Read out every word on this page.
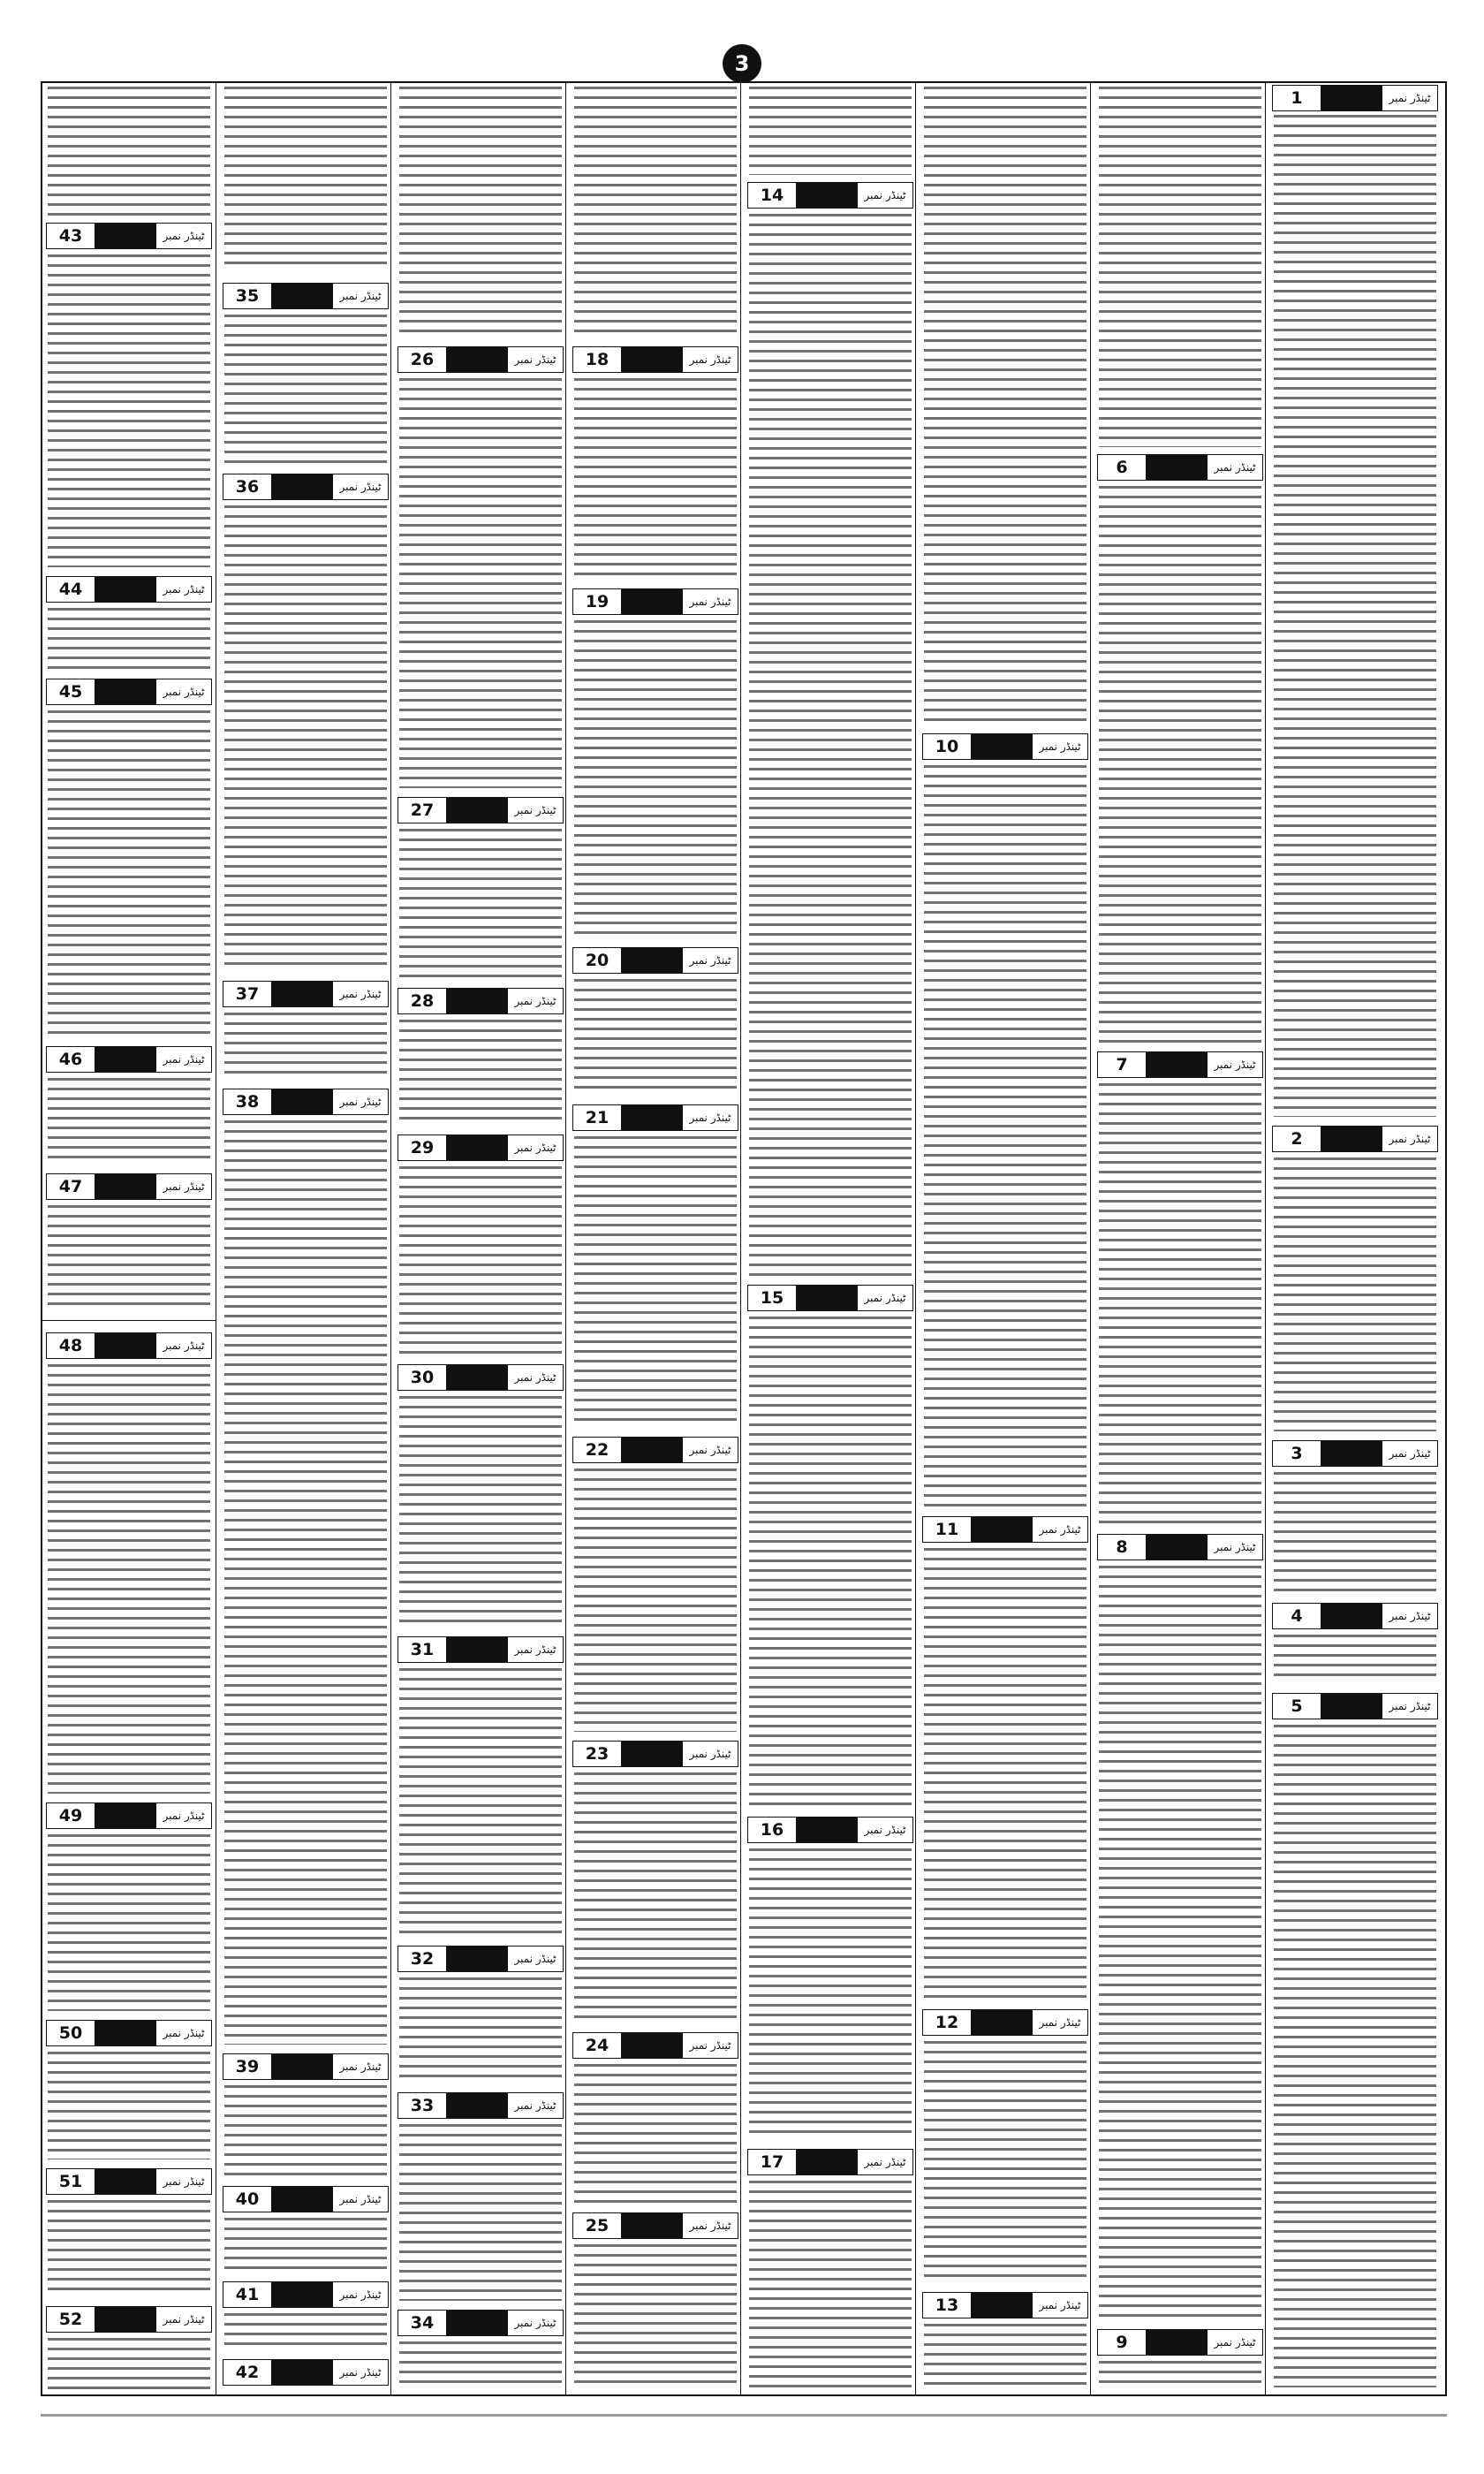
3
1	ٹینڈر نمبر
2	ٹینڈر نمبر
3	ٹینڈر نمبر
4	ٹینڈر نمبر
5	ٹینڈر نمبر
6	ٹینڈر نمبر
7	ٹینڈر نمبر
8	ٹینڈر نمبر
9	ٹینڈر نمبر
10	ٹینڈر نمبر
11	ٹینڈر نمبر
12	ٹینڈر نمبر
13	ٹینڈر نمبر
14	ٹینڈر نمبر
15	ٹینڈر نمبر
16	ٹینڈر نمبر
17	ٹینڈر نمبر
18	ٹینڈر نمبر
19	ٹینڈر نمبر
20	ٹینڈر نمبر
21	ٹینڈر نمبر
22	ٹینڈر نمبر
23	ٹینڈر نمبر
24	ٹینڈر نمبر
25	ٹینڈر نمبر
26	ٹینڈر نمبر
27	ٹینڈر نمبر
28	ٹینڈر نمبر
29	ٹینڈر نمبر
30	ٹینڈر نمبر
31	ٹینڈر نمبر
32	ٹینڈر نمبر
33	ٹینڈر نمبر
34	ٹینڈر نمبر
35	ٹینڈر نمبر
36	ٹینڈر نمبر
37	ٹینڈر نمبر
38	ٹینڈر نمبر
39	ٹینڈر نمبر
40	ٹینڈر نمبر
41	ٹینڈر نمبر
42	ٹینڈر نمبر
43	ٹینڈر نمبر
44	ٹینڈر نمبر
45	ٹینڈر نمبر
46	ٹینڈر نمبر
47	ٹینڈر نمبر
48	ٹینڈر نمبر
49	ٹینڈر نمبر
50	ٹینڈر نمبر
51	ٹینڈر نمبر
52	ٹینڈر نمبر
